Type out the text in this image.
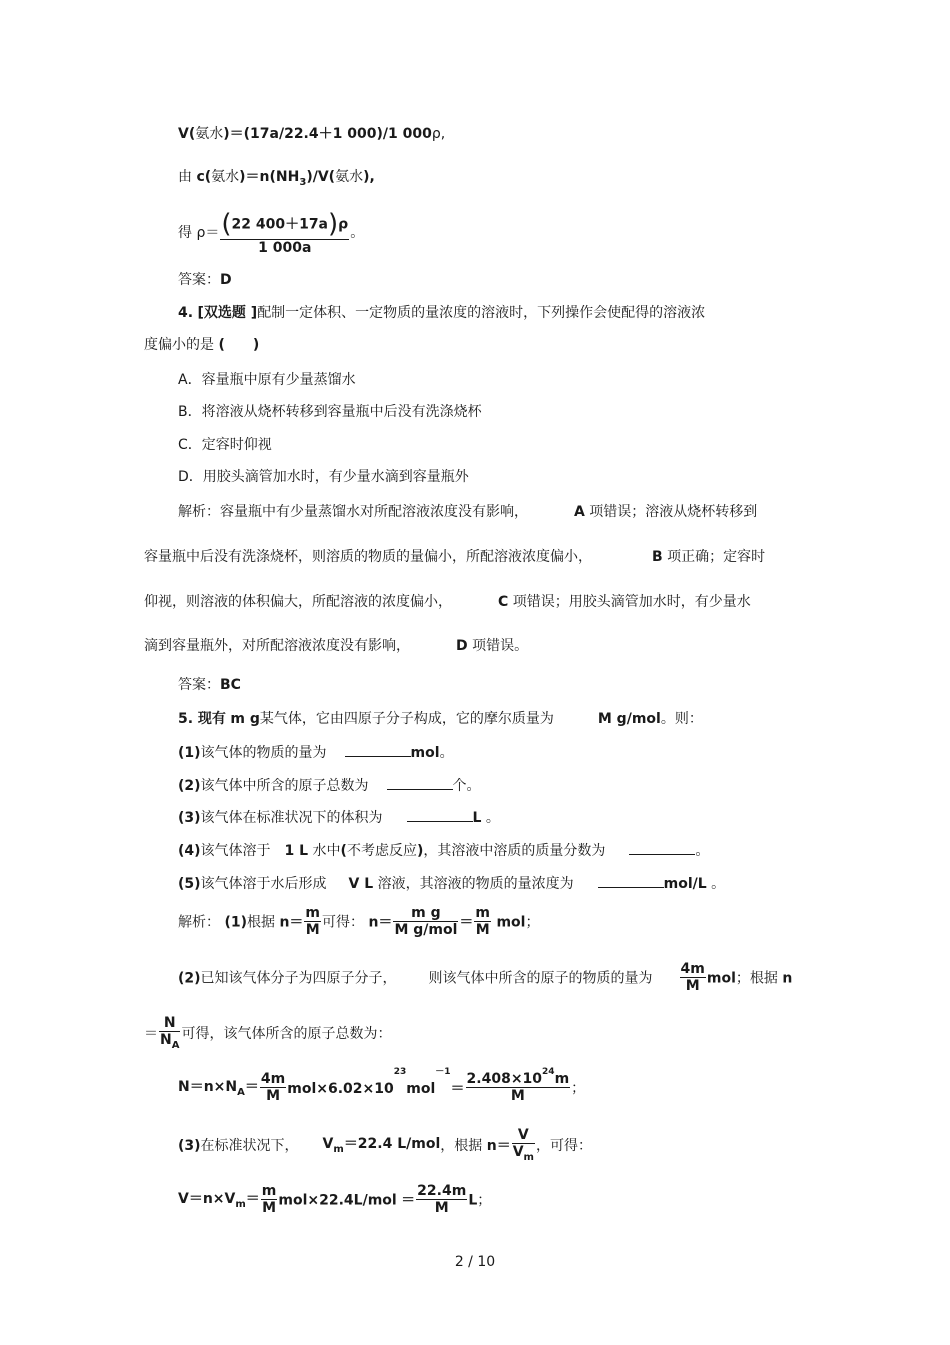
V(氨水)＝(17a/22.4＋1 000)/1 000ρ,
由 c(氨水)$=n(NH_3)/V$(氨水),
得 $\rho= \frac{(22 400+17a)\rho}{1 000a}$ 。
答案：D
4. [双选题 ]配制一定体积、一定物质的量浓度的溶液时，下列操作会使配得的溶液浓
度偏小的是 (　　)
A．容量瓶中原有少量蒸馏水
B．将溶液从烧杯转移到容量瓶中后没有洗涤烧杯
C．定容时仰视
D．用胶头滴管加水时，有少量水滴到容量瓶外
解析：容量瓶中有少量蒸馏水对所配溶液浓度没有影响，	A 项错误；溶液从烧杯转移到
容量瓶中后没有洗涤烧杯，则溶质的物质的量偏小，所配溶液浓度偏小，	B 项正确；定容时
仰视，则溶液的体积偏大，所配溶液的浓度偏小，	C 项错误；用胶头滴管加水时，有少量水
滴到容量瓶外，对所配溶液浓度没有影响，	D 项错误。
答案：BC
5. 现有 m g某气体，它由四原子分子构成，它的摩尔质量为	M g/mol。则：
(1)该气体的物质的量为	mol。
(2)该气体中所含的原子总数为	个。
(3)该气体在标准状况下的体积为	L 。
(4)该气体溶于 1 L 水中(不考虑反应)，其溶液中溶质的质量分数为	。
(5)该气体溶于水后形成 V L 溶液，其溶液的物质的量浓度为	mol/L 。
解析： (1)根据 $n= \frac{m}{M}$ 可得： $n= \frac{\text{m g}}{\text{M g/mol}} = \frac{m}{M}$ mol；
(2)已知该气体分子为四原子分子， 则该气体中所含的原子的物质的量为 $\frac{4m}{M}$ mol；根据 n
＝ $\frac{N}{N_A}$ 可得，该气体所含的原子总数为：
$N=n\times N_A= \frac{4m}{M} mol\times 6.02\times 10^{23}mol^{-1}= \frac{2.408\times 10^{24}m}{M}$ ；
(3)在标准状况下， $V_m=22.4$ L/mol，根据 $n= \frac{V}{V_m}$ ，可得：
$V=n\times V_m= \frac{m}{M} mol\times 22.4L/mol = \frac{22.4m}{M}$ L；
2 / 10
